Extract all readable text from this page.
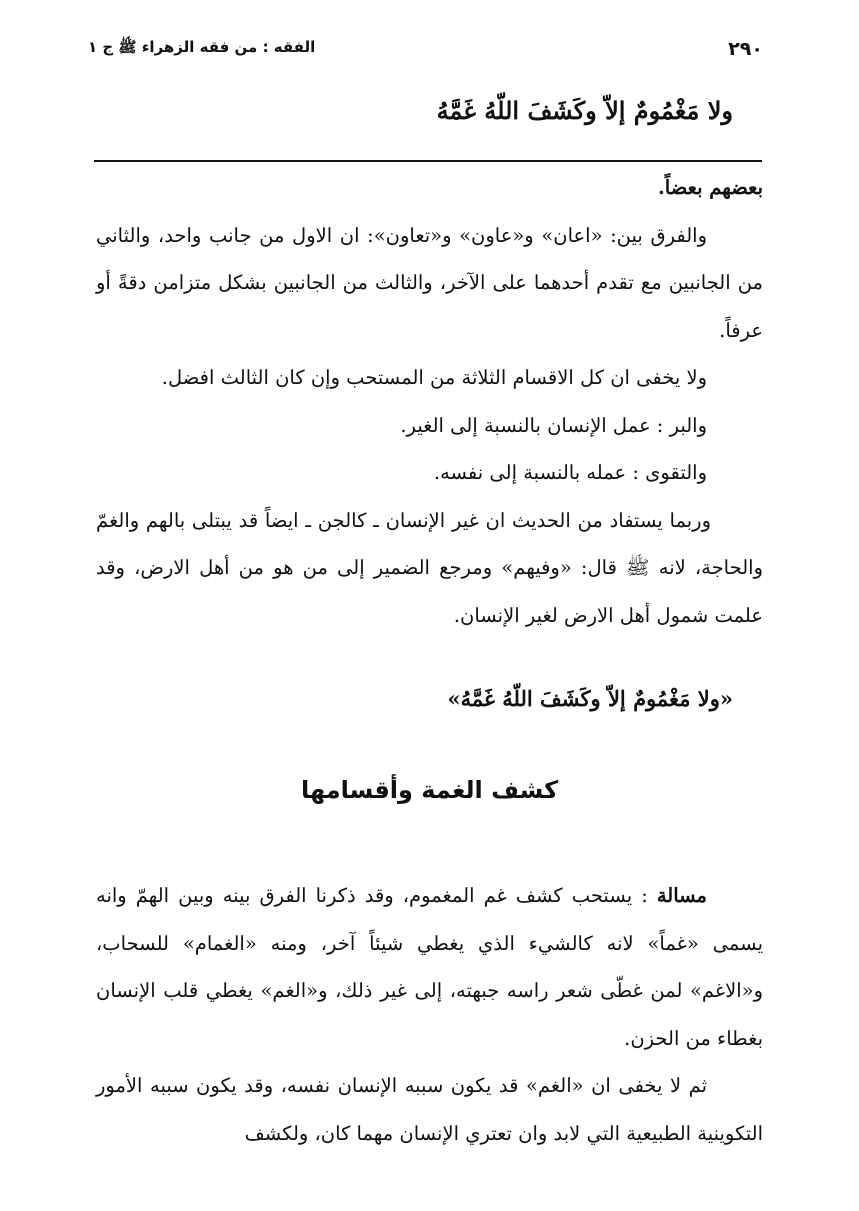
٢٩٠
الفقه : من فقه الزهراء ﷺ ج ١
ولا مَغْمُومٌ إلاّ وكَشَفَ اللّهُ غَمَّهُ

بعضهم بعضاً.

والفرق بين: «اعان» و«عاون» و«تعاون»: ان الاول من جانب واحد، والثاني من الجانبين مع تقدم أحدهما على الآخر، والثالث من الجانبين بشكل متزامن دقةً أو عرفاً.

ولا يخفى ان كل الاقسام الثلاثة من المستحب وإن كان الثالث افضل.

والبر : عمل الإنسان بالنسبة إلى الغير.

والتقوى : عمله بالنسبة إلى نفسه.

وربما يستفاد من الحديث ان غير الإنسان ـ كالجن ـ ايضاً قد يبتلى بالهم والغمّ والحاجة، لانه ﷺ قال: «وفيهم» ومرجع الضمير إلى من هو من أهل الارض، وقد علمت شمول أهل الارض لغير الإنسان.

«ولا مَغْمُومٌ إلاّ وكَشَفَ اللّهُ غَمَّهُ»
كشف الغمة وأقسامها

مسالة : يستحب كشف غم المغموم، وقد ذكرنا الفرق بينه وبين الهمّ وانه يسمى «غماً» لانه كالشيء الذي يغطي شيئاً آخر، ومنه «الغمام» للسحاب، و«الاغم» لمن غطّى شعر راسه جبهته، إلى غير ذلك، و«الغم» يغطي قلب الإنسان بغطاء من الحزن.

ثم لا يخفى ان «الغم» قد يكون سببه الإنسان نفسه، وقد يكون سببه الأمور التكوينية الطبيعية التي لابد وان تعتري الإنسان مهما كان، ولكشف
